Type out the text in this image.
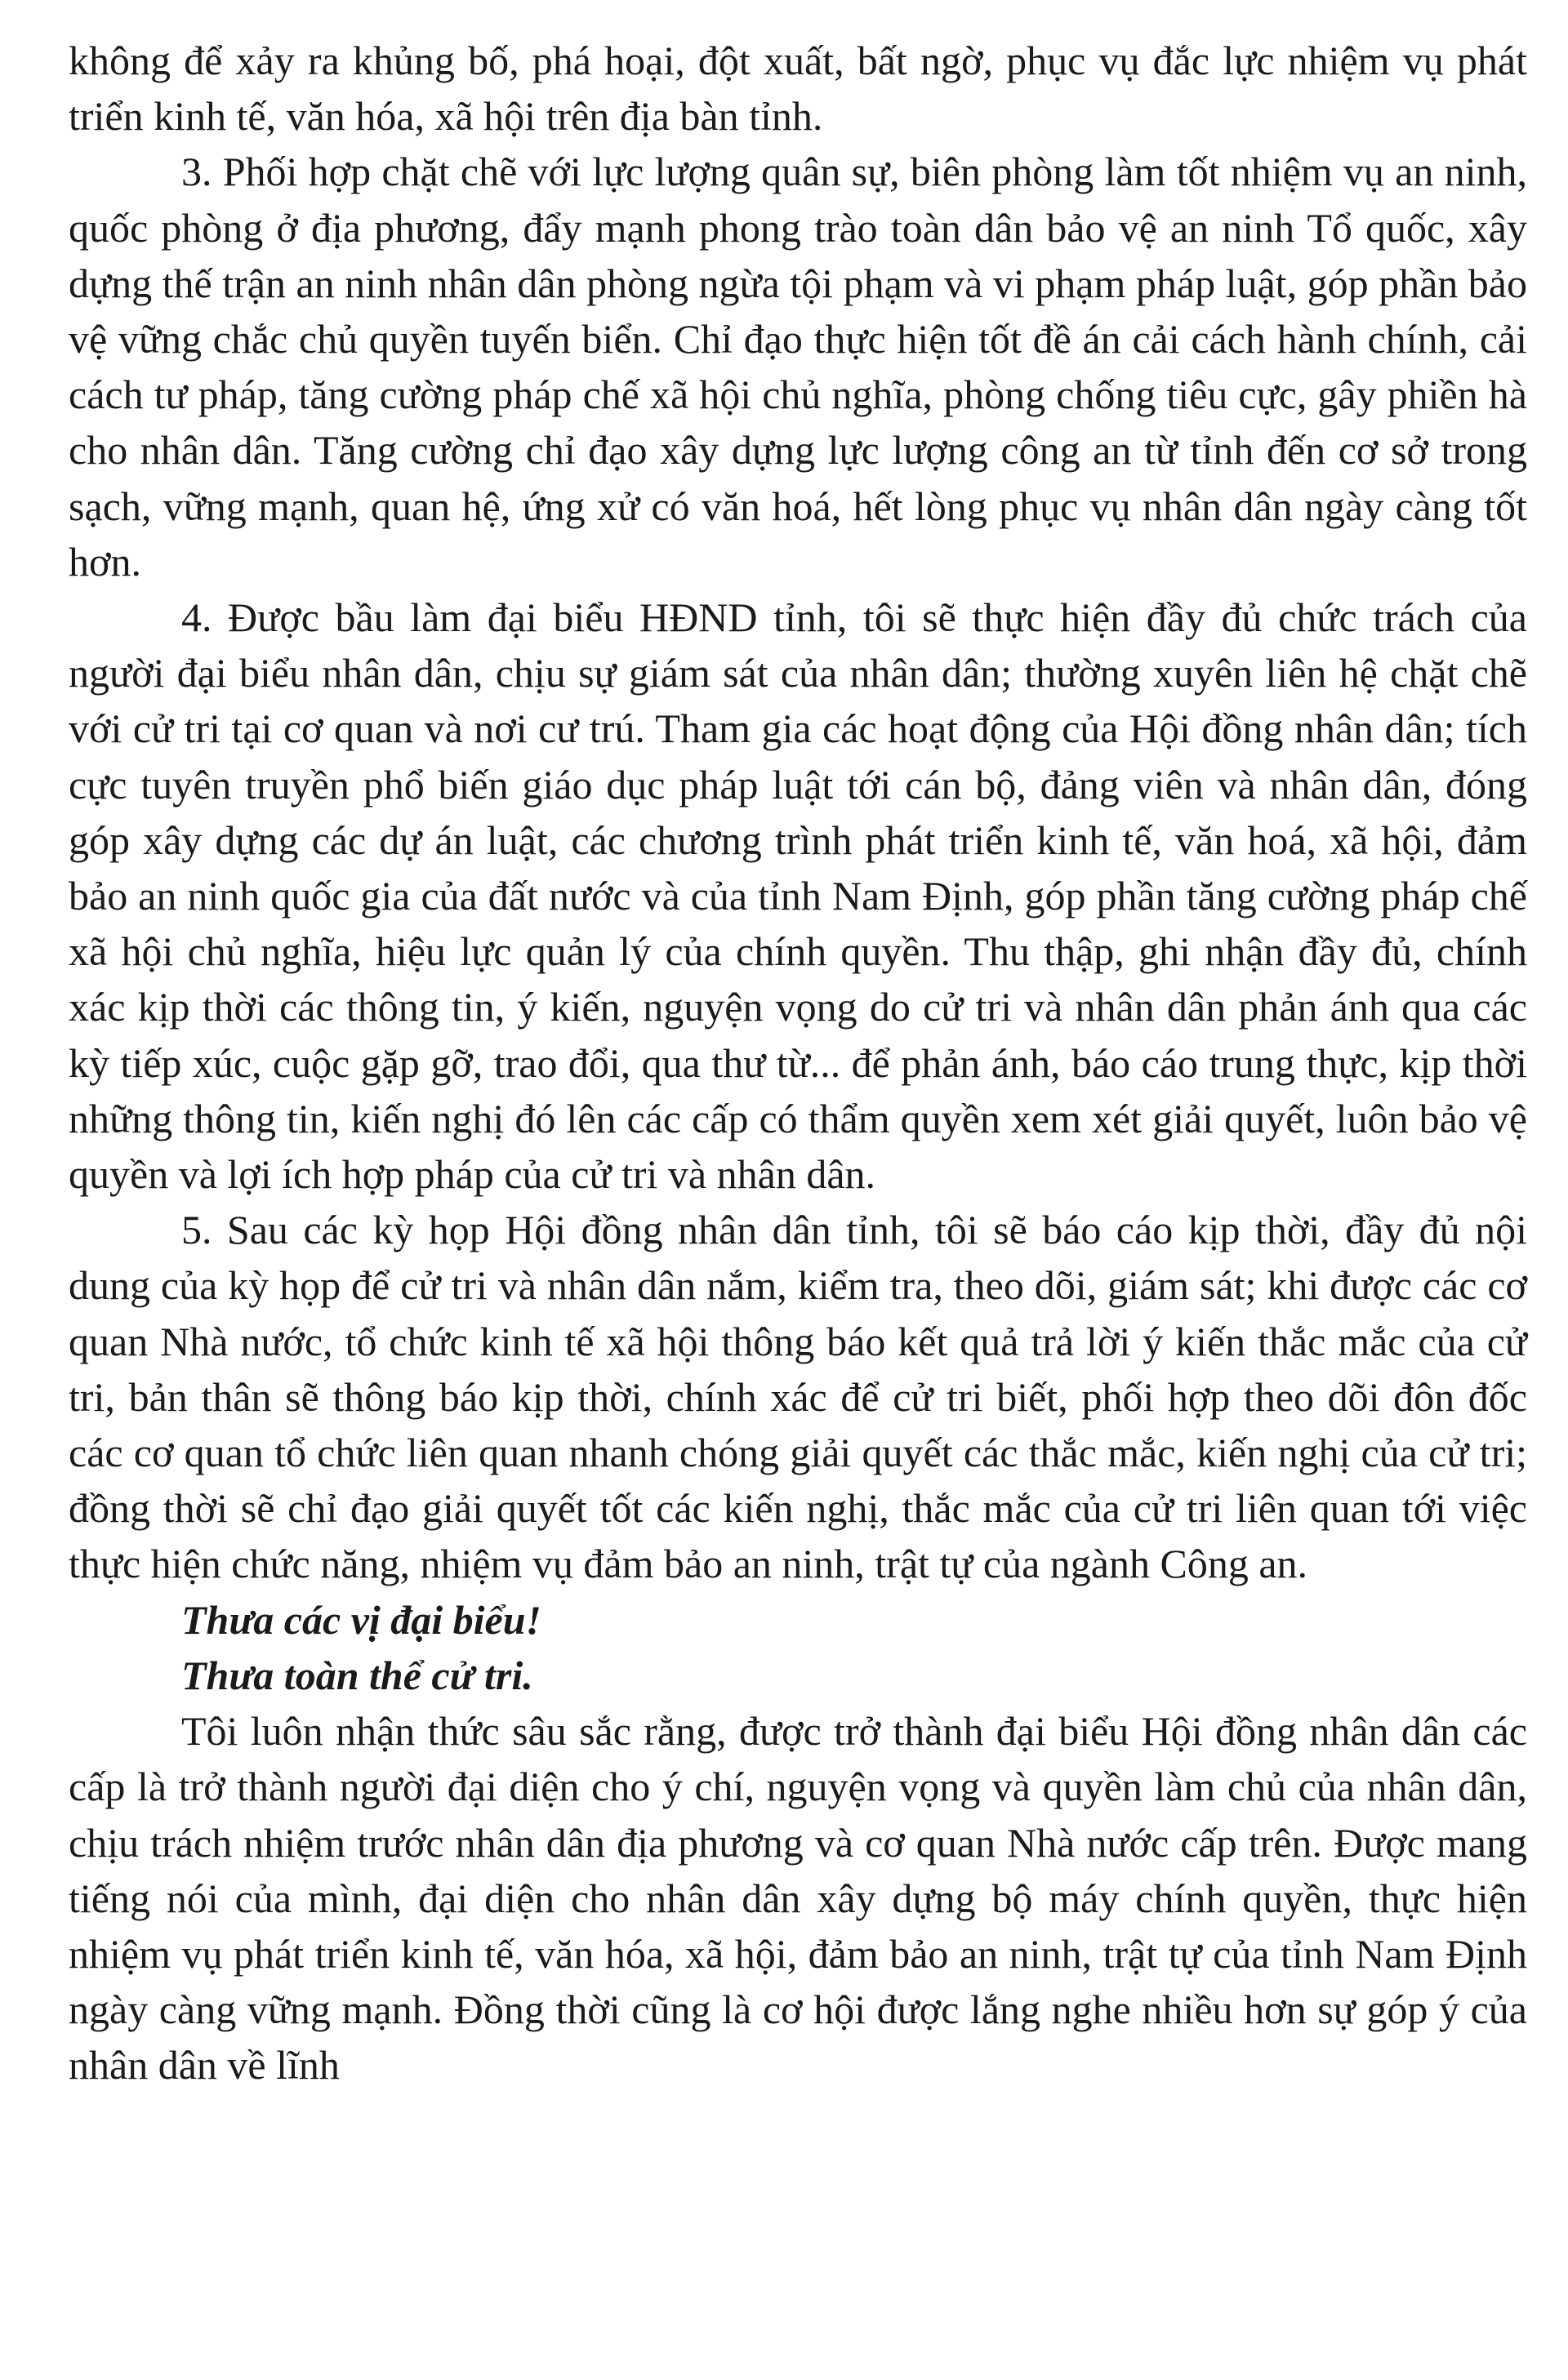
không để xảy ra khủng bố, phá hoại, đột xuất, bất ngờ, phục vụ đắc lực nhiệm vụ phát triển kinh tế, văn hóa, xã hội trên địa bàn tỉnh.

3. Phối hợp chặt chẽ với lực lượng quân sự, biên phòng làm tốt nhiệm vụ an ninh, quốc phòng ở địa phương, đẩy mạnh phong trào toàn dân bảo vệ an ninh Tổ quốc, xây dựng thế trận an ninh nhân dân phòng ngừa tội phạm và vi phạm pháp luật, góp phần bảo vệ vững chắc chủ quyền tuyến biển. Chỉ đạo thực hiện tốt đề án cải cách hành chính, cải cách tư pháp, tăng cường pháp chế xã hội chủ nghĩa, phòng chống tiêu cực, gây phiền hà cho nhân dân. Tăng cường chỉ đạo xây dựng lực lượng công an từ tỉnh đến cơ sở trong sạch, vững mạnh, quan hệ, ứng xử có văn hoá, hết lòng phục vụ nhân dân ngày càng tốt hơn.

4. Được bầu làm đại biểu HĐND tỉnh, tôi sẽ thực hiện đầy đủ chức trách của người đại biểu nhân dân, chịu sự giám sát của nhân dân; thường xuyên liên hệ chặt chẽ với cử tri tại cơ quan và nơi cư trú. Tham gia các hoạt động của Hội đồng nhân dân; tích cực tuyên truyền phổ biến giáo dục pháp luật tới cán bộ, đảng viên và nhân dân, đóng góp xây dựng các dự án luật, các chương trình phát triển kinh tế, văn hoá, xã hội, đảm bảo an ninh quốc gia của đất nước và của tỉnh Nam Định, góp phần tăng cường pháp chế xã hội chủ nghĩa, hiệu lực quản lý của chính quyền. Thu thập, ghi nhận đầy đủ, chính xác kịp thời các thông tin, ý kiến, nguyện vọng do cử tri và nhân dân phản ánh qua các kỳ tiếp xúc, cuộc gặp gỡ, trao đổi, qua thư từ... để phản ánh, báo cáo trung thực, kịp thời những thông tin, kiến nghị đó lên các cấp có thẩm quyền xem xét giải quyết, luôn bảo vệ quyền và lợi ích hợp pháp của cử tri và nhân dân.

5. Sau các kỳ họp Hội đồng nhân dân tỉnh, tôi sẽ báo cáo kịp thời, đầy đủ nội dung của kỳ họp để cử tri và nhân dân nắm, kiểm tra, theo dõi, giám sát; khi được các cơ quan Nhà nước, tổ chức kinh tế xã hội thông báo kết quả trả lời ý kiến thắc mắc của cử tri, bản thân sẽ thông báo kịp thời, chính xác để cử tri biết, phối hợp theo dõi đôn đốc các cơ quan tổ chức liên quan nhanh chóng giải quyết các thắc mắc, kiến nghị của cử tri; đồng thời sẽ chỉ đạo giải quyết tốt các kiến nghị, thắc mắc của cử tri liên quan tới việc thực hiện chức năng, nhiệm vụ đảm bảo an ninh, trật tự của ngành Công an.

Thưa các vị đại biểu!

Thưa toàn thể cử tri.

Tôi luôn nhận thức sâu sắc rằng, được trở thành đại biểu Hội đồng nhân dân các cấp là trở thành người đại diện cho ý chí, nguyện vọng và quyền làm chủ của nhân dân, chịu trách nhiệm trước nhân dân địa phương và cơ quan Nhà nước cấp trên. Được mang tiếng nói của mình, đại diện cho nhân dân xây dựng bộ máy chính quyền, thực hiện nhiệm vụ phát triển kinh tế, văn hóa, xã hội, đảm bảo an ninh, trật tự của tỉnh Nam Định ngày càng vững mạnh. Đồng thời cũng là cơ hội được lắng nghe nhiều hơn sự góp ý của nhân dân về lĩnh
